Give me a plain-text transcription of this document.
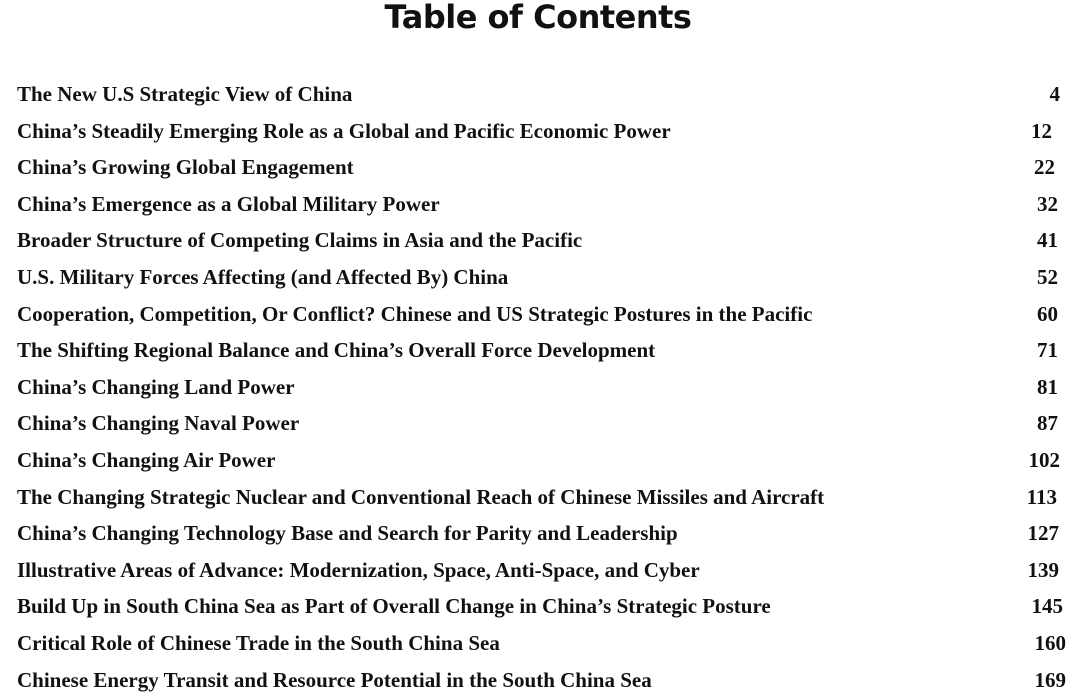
Table of Contents
The New U.S Strategic View of China	4
China’s Steadily Emerging Role as a Global and Pacific Economic Power	12
China’s Growing Global Engagement	22
China’s Emergence as a Global Military Power	32
Broader Structure of Competing Claims in Asia and the Pacific	41
U.S. Military Forces Affecting (and Affected By) China	52
Cooperation, Competition, Or Conflict? Chinese and US Strategic Postures in the Pacific	60
The Shifting Regional Balance and China’s Overall Force Development	71
China’s Changing Land Power	81
China’s Changing Naval Power	87
China’s Changing Air Power	102
The Changing Strategic Nuclear and Conventional Reach of Chinese Missiles and Aircraft	113
China’s Changing Technology Base and Search for Parity and Leadership	127
Illustrative Areas of Advance: Modernization, Space, Anti-Space, and Cyber	139
Build Up in South China Sea as Part of Overall Change in China’s Strategic Posture	145
Critical Role of Chinese Trade in the South China Sea	160
Chinese Energy Transit and Resource Potential in the South China Sea	169
